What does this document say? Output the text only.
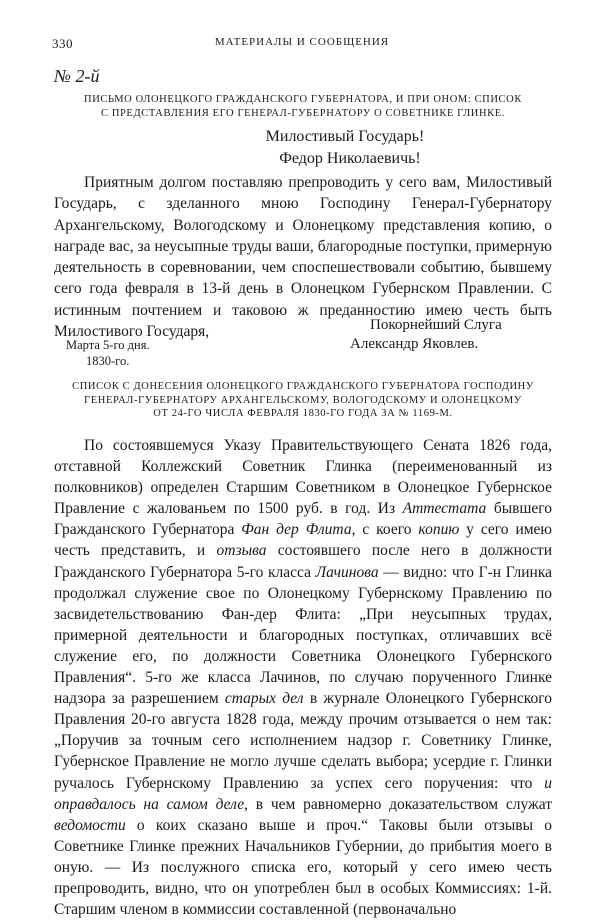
330	МАТЕРИАЛЫ И СООБЩЕНИЯ
№ 2-й
ПИСЬМО ОЛОНЕЦКОГО ГРАЖДАНСКОГО ГУБЕРНАТОРА, И ПРИ ОНОМ: СПИСОК
С ПРЕДСТАВЛЕНИЯ ЕГО ГЕНЕРАЛ-ГУБЕРНАТОРУ О СОВЕТНИКЕ ГЛИНКЕ.
Милостивый Государь!
Федор Николаевичь!

Приятным долгом поставляю препроводить у сего вам, Милостивый Государь, с зделанного мною Господину Генерал-Губернатору Архангельскому, Вологодскому и Олонецкому представления копию, о награде вас, за неусыпные труды ваши, благородные поступки, примерную деятельность в соревновании, чем споспешествовали событию, бывшему сего года февраля в 13-й день в Олонецком Губернском Правлении. С истинным почтением и таковою ж преданностию имею честь быть Милостивого Государя,	Покорнейший Слуга
Александр Яковлев.
Марта 5-го дня.
1830-го.
СПИСОК С ДОНЕСЕНИЯ ОЛОНЕЦКОГО ГРАЖДАНСКОГО ГУБЕРНАТОРА ГОСПОДИНУ
ГЕНЕРАЛ-ГУБЕРНАТОРУ АРХАНГЕЛЬСКОМУ, ВОЛОГОДСКОМУ И ОЛОНЕЦКОМУ
ОТ 24-ГО ЧИСЛА ФЕВРАЛЯ 1830-ГО ГОДА ЗА № 1169-М.

По состоявшемуся Указу Правительствующего Сената 1826 года, отставной Коллежский Советник Глинка (переименованный из полковников) определен Старшим Советником в Олонецкое Губернское Правление с жалованьем по 1500 руб. в год. Из Аттестата бывшего Гражданского Губернатора Фан дер Флита, с коего копию у сего имею честь представить, и отзыва состоявшего после него в должности Гражданского Губернатора 5-го класса Лачинова — видно: что Г-н Глинка продолжал служение свое по Олонецкому Губернскому Правлению по засвидетельствованию Фан-дер Флита: „При неусыпных трудах, примерной деятельности и благородных поступках, отличавших всё служение его, по должности Советника Олонецкого Губернского Правления“. 5-го же класса Лачинов, по случаю порученного Глинке надзора за разрешением старых дел в журнале Олонецкого Губернского Правления 20-го августа 1828 года, между прочим отзывается о нем так: „Поручив за точным сего исполнением надзор г. Советнику Глинке, Губернское Правление не могло лучше сделать выбора; усердие г. Глинки ручалось Губернскому Правлению за успех сего поручения: что и оправдалось на самом деле, в чем равномерно доказательством служат ведомости о коих сказано выше и проч.“ Таковы были отзывы о Советнике Глинке прежних Начальников Губернии, до прибытия моего в оную. — Из послужного списка его, который у сего имею честь препроводить, видно, что он употреблен был в особых Коммиссиях: 1-й. Старшим членом в коммиссии составленной (первоначально
